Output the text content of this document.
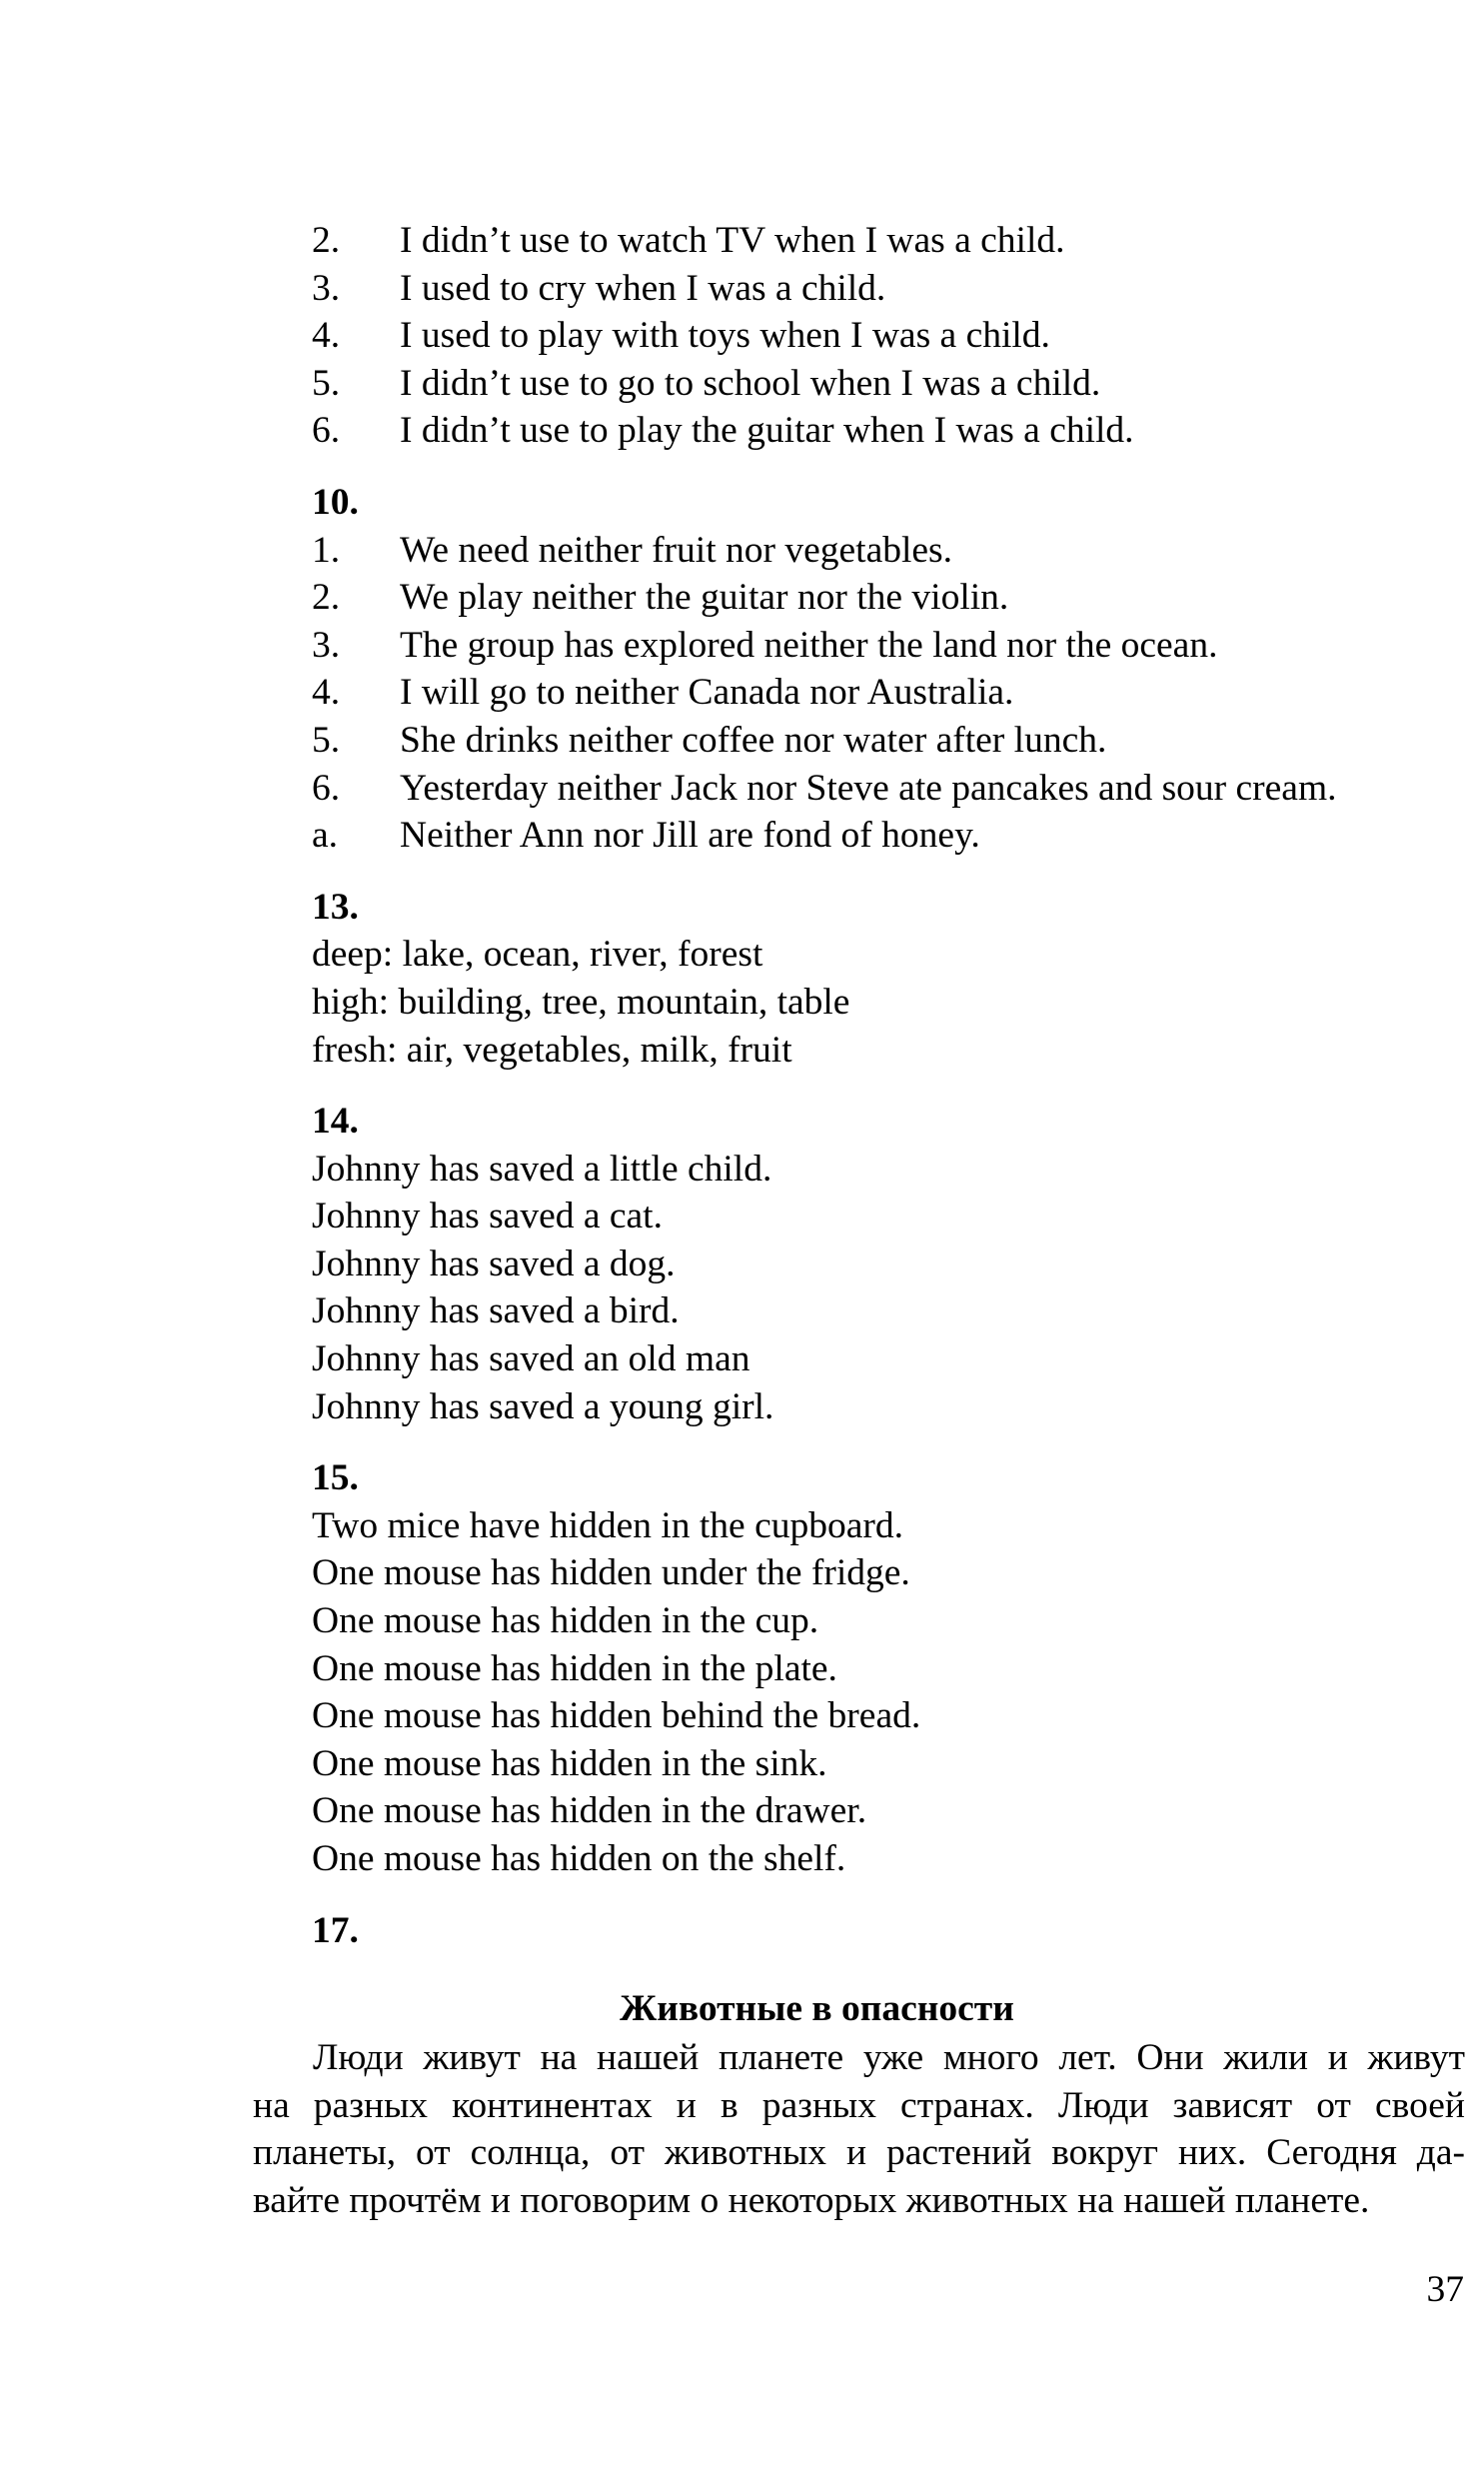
2. I didn’t use to watch TV when I was a child.
3. I used to cry when I was a child.
4. I used to play with toys when I was a child.
5. I didn’t use to go to school when I was a child.
6. I didn’t use to play the guitar when I was a child.
10.
1. We need neither fruit nor vegetables.
2. We play neither the guitar nor the violin.
3. The group has explored neither the land nor the ocean.
4. I will go to neither Canada nor Australia.
5. She drinks neither coffee nor water after lunch.
6. Yesterday neither Jack nor Steve ate pancakes and sour cream.
a. Neither Ann nor Jill are fond of honey.
13.
deep: lake, ocean, river, forest
high: building, tree, mountain, table
fresh: air, vegetables, milk, fruit
14.
Johnny has saved a little child.
Johnny has saved a cat.
Johnny has saved a dog.
Johnny has saved a bird.
Johnny has saved an old man
Johnny has saved a young girl.
15.
Two mice have hidden in the cupboard.
One mouse has hidden under the fridge.
One mouse has hidden in the cup.
One mouse has hidden in the plate.
One mouse has hidden behind the bread.
One mouse has hidden in the sink.
One mouse has hidden in the drawer.
One mouse has hidden on the shelf.
17.
Животные в опасности
Люди живут на нашей планете уже много лет. Они жили и живут
на разных континентах и в разных странах. Люди зависят от своей
планеты, от солнца, от животных и растений вокруг них. Сегодня да-
вайте прочтём и поговорим о некоторых животных на нашей планете.
37
